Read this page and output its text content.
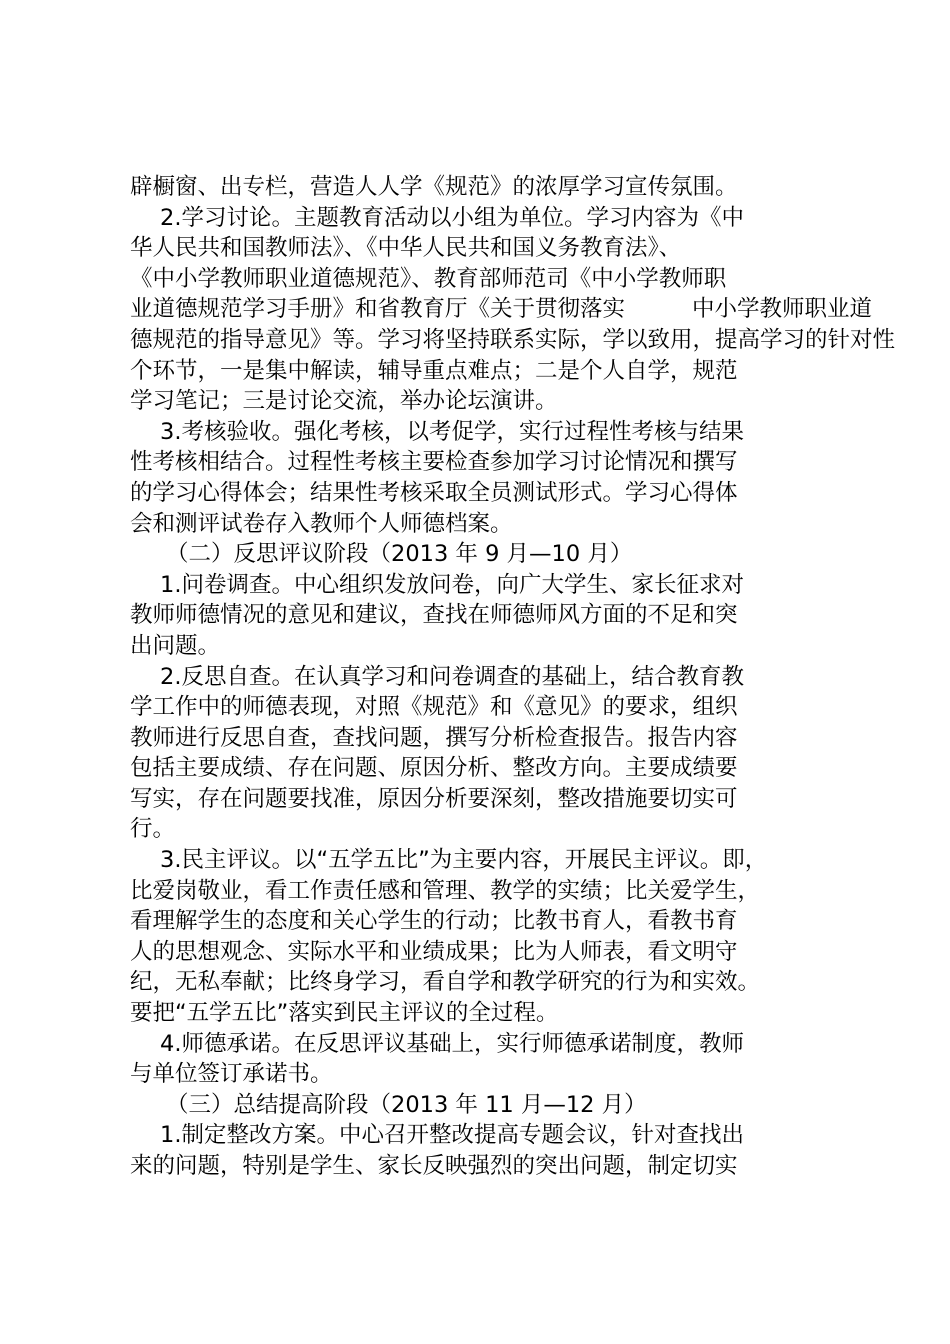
辟橱窗、出专栏，营造人人学《规范》的浓厚学习宣传氛围。
2.学习讨论。主题教育活动以小组为单位。学习内容为《中
华人民共和国教师法》、《中华人民共和国义务教育法》、
《中小学教师职业道德规范》、教育部师范司《中小学教师职
业道德规范学习手册》和省教育厅《关于贯彻落实	中小学教师职业道
德规范的指导意见》等。学习将坚持联系实际，学以致用，提高学习的针对性
个环节，一是集中解读，辅导重点难点；二是个人自学，规范
学习笔记；三是讨论交流，举办论坛演讲。
3.考核验收。强化考核，以考促学，实行过程性考核与结果
性考核相结合。过程性考核主要检查参加学习讨论情况和撰写
的学习心得体会；结果性考核采取全员测试形式。学习心得体
会和测评试卷存入教师个人师德档案。
（二）反思评议阶段（2013 年 9 月—10 月）
1.问卷调查。中心组织发放问卷，向广大学生、家长征求对
教师师德情况的意见和建议，查找在师德师风方面的不足和突
出问题。
2.反思自查。在认真学习和问卷调查的基础上，结合教育教
学工作中的师德表现，对照《规范》和《意见》的要求，组织
教师进行反思自查，查找问题，撰写分析检查报告。报告内容
包括主要成绩、存在问题、原因分析、整改方向。主要成绩要
写实，存在问题要找准，原因分析要深刻，整改措施要切实可
行。
3.民主评议。以“五学五比”为主要内容，开展民主评议。即，
比爱岗敬业，看工作责任感和管理、教学的实绩；比关爱学生，
看理解学生的态度和关心学生的行动；比教书育人，看教书育
人的思想观念、实际水平和业绩成果；比为人师表，看文明守
纪，无私奉献；比终身学习，看自学和教学研究的行为和实效。
要把“五学五比”落实到民主评议的全过程。
4.师德承诺。在反思评议基础上，实行师德承诺制度，教师
与单位签订承诺书。
（三）总结提高阶段（2013 年 11 月—12 月）
1.制定整改方案。中心召开整改提高专题会议，针对查找出
来的问题，特别是学生、家长反映强烈的突出问题，制定切实
